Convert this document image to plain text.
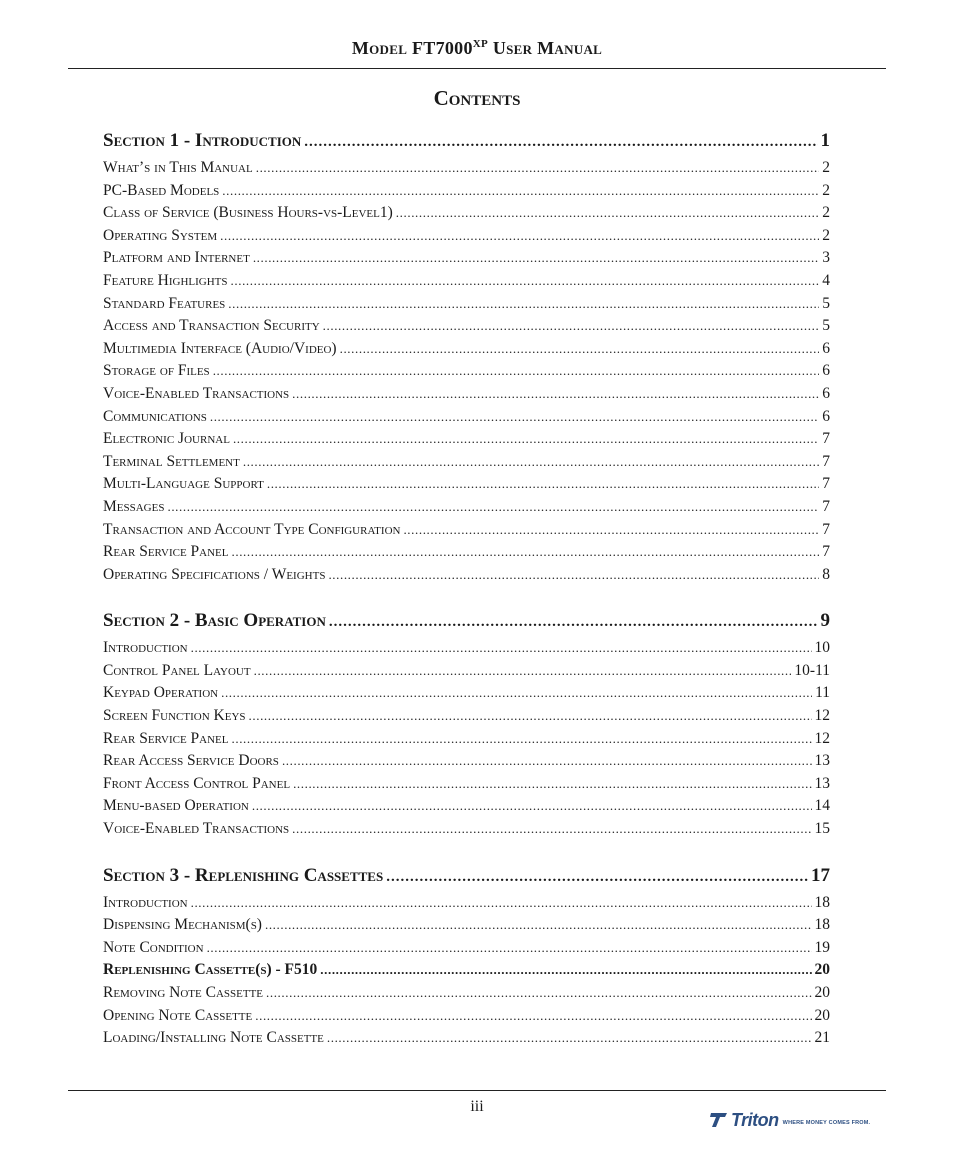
Model $FT7000^{XP}$ User Manual
Contents
Section 1 - Introduction .....	1
What’s in This Manual .....	2
PC-Based Models .....	2
Class of Service (Business Hours-vs-Level1) .....	2
Operating System .....	2
Platform and Internet .....	3
Feature Highlights .....	4
Standard Features .....	5
Access and Transaction Security .....	5
Multimedia Interface (Audio/Video) .....	6
Storage of Files .....	6
Voice-Enabled Transactions .....	6
Communications .....	6
Electronic Journal .....	7
Terminal Settlement .....	7
Multi-Language Support .....	7
Messages .....	7
Transaction and Account Type Configuration .....	7
Rear Service Panel .....	7
Operating Specifications / Weights .....	8
Section 2 - Basic Operation .....	9
Introduction .....	10
Control Panel Layout .....	10-11
Keypad Operation .....	11
Screen Function Keys .....	12
Rear Service Panel .....	12
Rear Access Service Doors .....	13
Front Access Control Panel .....	13
Menu-based Operation .....	14
Voice-Enabled Transactions .....	15
Section 3 - Replenishing Cassettes .....	17
Introduction .....	18
Dispensing Mechanism(s) .....	18
Note Condition .....	19
Replenishing Cassette(s) - F510 .....	20
Removing Note Cassette .....	20
Opening Note Cassette .....	20
Loading/Installing Note Cassette .....	21
iii
Triton WHERE MONEY COMES FROM.
